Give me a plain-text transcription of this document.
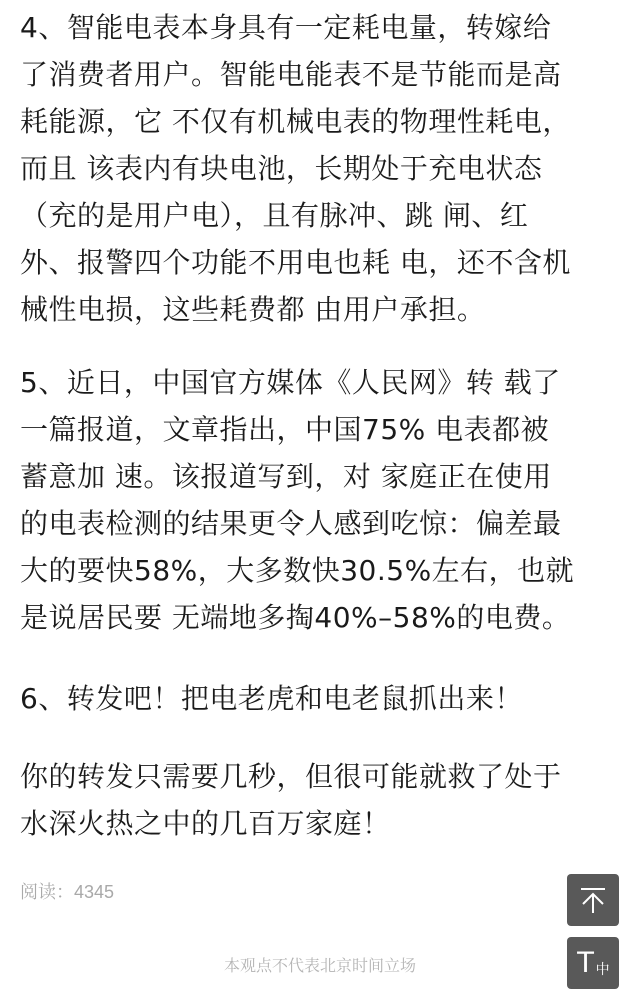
4、智能电表本身具有一定耗电量，转嫁给
了消费者用户。智能电能表不是节能而是高
耗能源，它 不仅有机械电表的物理性耗电，
而且 该表内有块电池，长期处于充电状态
（充的是用户电），且有脉冲、跳 闸、红
外、报警四个功能不用电也耗 电，还不含机
械性电损，这些耗费都 由用户承担。

5、近日，中国官方媒体《人民网》转 载了
一篇报道，文章指出，中国75% 电表都被
蓄意加 速。该报道写到，对 家庭正在使用
的电表检测的结果更令人感到吃惊：偏差最
大的要快58%，大多数快30.5%左右，也就
是说居民要 无端地多掏40%–58%的电费。

6、转发吧！把电老虎和电老鼠抓出来！

你的转发只需要几秒，但很可能就救了处于
水深火热之中的几百万家庭！

阅读：4345
本观点不代表北京时间立场	T 中
